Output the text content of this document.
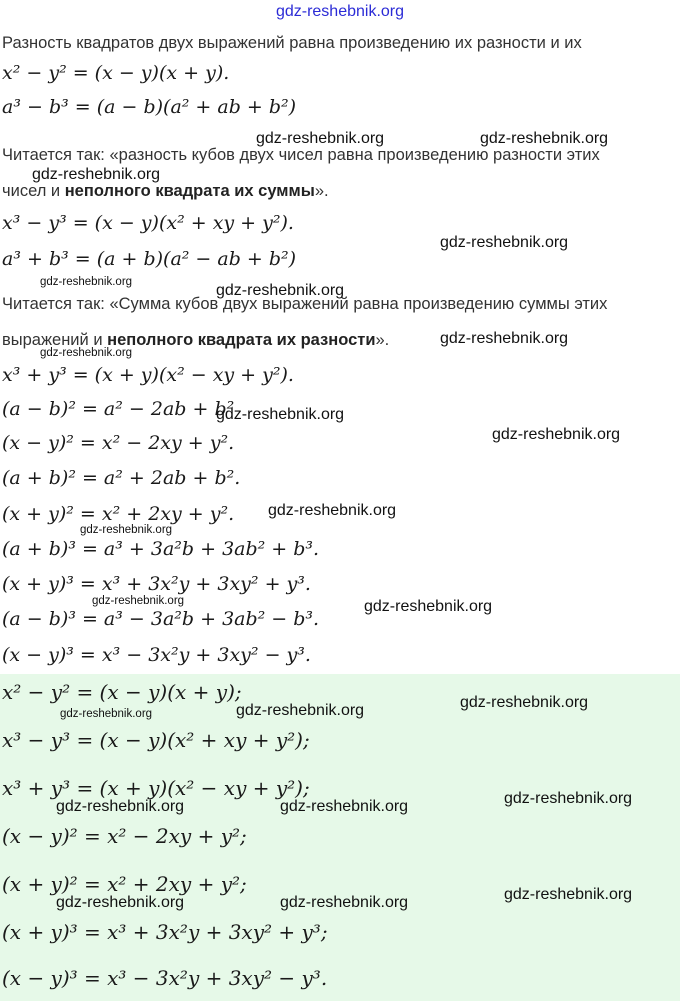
gdz-reshebnik.org
Разность квадратов двух выражений равна произведению их разности и их
x² − y² = (x − y)(x + y).
a³ − b³ = (a − b)(a² + ab + b²)
Читается так: «разность кубов двух чисел равна произведению разности этих
чисел и неполного квадрата их суммы».
x³ − y³ = (x − y)(x² + xy + y²).
a³ + b³ = (a + b)(a² − ab + b²)
Читается так: «Сумма кубов двух выражений равна произведению суммы этих
выражений и неполного квадрата их разности».
x³ + y³ = (x + y)(x² − xy + y²).
(a − b)² = a² − 2ab + b²
(x − y)² = x² − 2xy + y².
(a + b)² = a² + 2ab + b².
(x + y)² = x² + 2xy + y².
(a + b)³ = a³ + 3a²b + 3ab² + b³.
(x + y)³ = x³ + 3x²y + 3xy² + y³.
(a − b)³ = a³ − 3a²b + 3ab² − b³.
(x − y)³ = x³ − 3x²y + 3xy² − y³.
x² − y² = (x − y)(x + y);
x³ − y³ = (x − y)(x² + xy + y²);
x³ + y³ = (x + y)(x² − xy + y²);
(x − y)² = x² − 2xy + y²;
(x + y)² = x² + 2xy + y²;
(x + y)³ = x³ + 3x²y + 3xy² + y³;
(x − y)³ = x³ − 3x²y + 3xy² − y³.
gdz-reshebnik.org	gdz-reshebnik.org
gdz-reshebnik.org
gdz-reshebnik.org
gdz-reshebnik.org	gdz-reshebnik.org
gdz-reshebnik.org
gdz-reshebnik.org
gdz-reshebnik.org
gdz-reshebnik.org
gdz-reshebnik.org
gdz-reshebnik.org
gdz-reshebnik.org	gdz-reshebnik.org
gdz-reshebnik.org
gdz-reshebnik.org	gdz-reshebnik.org
gdz-reshebnik.org
gdz-reshebnik.org	gdz-reshebnik.org
gdz-reshebnik.org
gdz-reshebnik.org	gdz-reshebnik.org
